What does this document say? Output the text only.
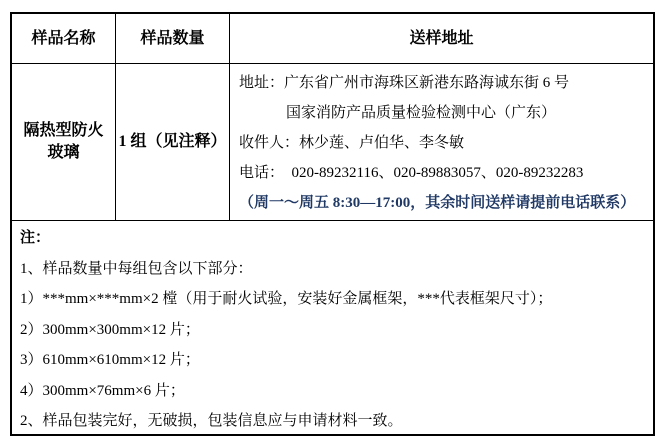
样品名称	样品数量	送样地址
隔热型防火
玻璃
1 组（见注释）
地址：广东省广州市海珠区新港东路海诚东街 6 号
国家消防产品质量检验检测中心（广东）
收件人：林少莲、卢伯华、李冬敏
电话：  020-89232116、020-89883057、020-89232283
（周一～周五 8:30—17:00，其余时间送样请提前电话联系）
注：
1、样品数量中每组包含以下部分：
1）***mm×***mm×2 樘（用于耐火试验，安装好金属框架，***代表框架尺寸）；
2）300mm×300mm×12 片；
3）610mm×610mm×12 片；
4）300mm×76mm×6 片；
2、样品包装完好，无破损，包装信息应与申请材料一致。
